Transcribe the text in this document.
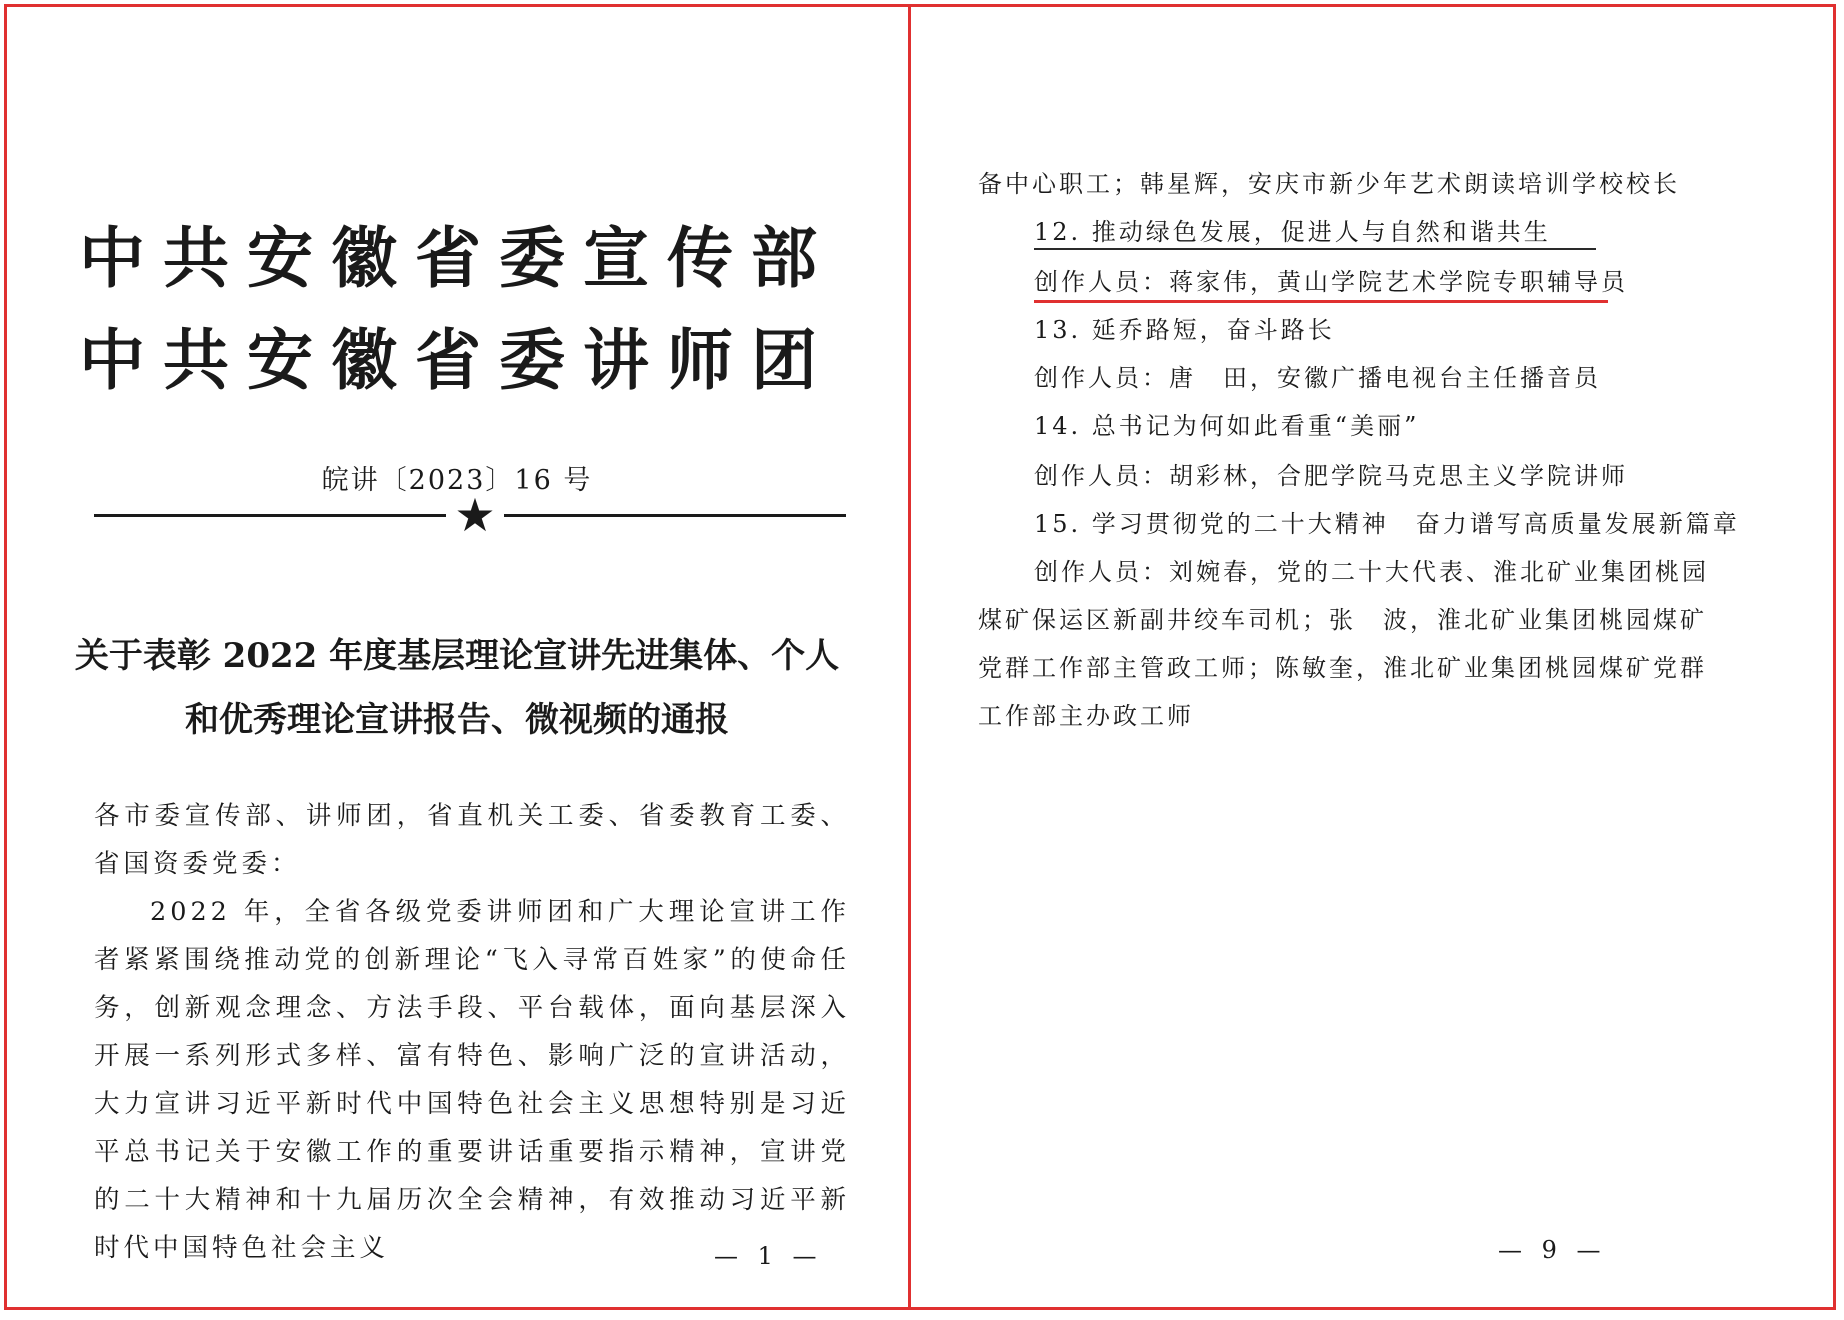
中共安徽省委宣传部
中共安徽省委讲师团
皖讲〔2023〕16 号
★
关于表彰 2022 年度基层理论宣讲先进集体、个人
和优秀理论宣讲报告、微视频的通报
各市委宣传部、讲师团，省直机关工委、省委教育工委、省国资委党委：
2022 年，全省各级党委讲师团和广大理论宣讲工作者紧紧围绕推动党的创新理论“飞入寻常百姓家”的使命任务，创新观念理念、方法手段、平台载体，面向基层深入开展一系列形式多样、富有特色、影响广泛的宣讲活动，大力宣讲习近平新时代中国特色社会主义思想特别是习近平总书记关于安徽工作的重要讲话重要指示精神，宣讲党的二十大精神和十九届历次全会精神，有效推动习近平新时代中国特色社会主义	— 1 —
备中心职工；韩星辉，安庆市新少年艺术朗读培训学校校长
12. 推动绿色发展，促进人与自然和谐共生
创作人员：蒋家伟，黄山学院艺术学院专职辅导员
13. 延乔路短，奋斗路长
创作人员：唐　田，安徽广播电视台主任播音员
14. 总书记为何如此看重“美丽”
创作人员：胡彩林，合肥学院马克思主义学院讲师
15. 学习贯彻党的二十大精神　奋力谱写高质量发展新篇章
创作人员：刘婉春，党的二十大代表、淮北矿业集团桃园
煤矿保运区新副井绞车司机；张　波，淮北矿业集团桃园煤矿
党群工作部主管政工师；陈敏奎，淮北矿业集团桃园煤矿党群
工作部主办政工师
— 9 —
